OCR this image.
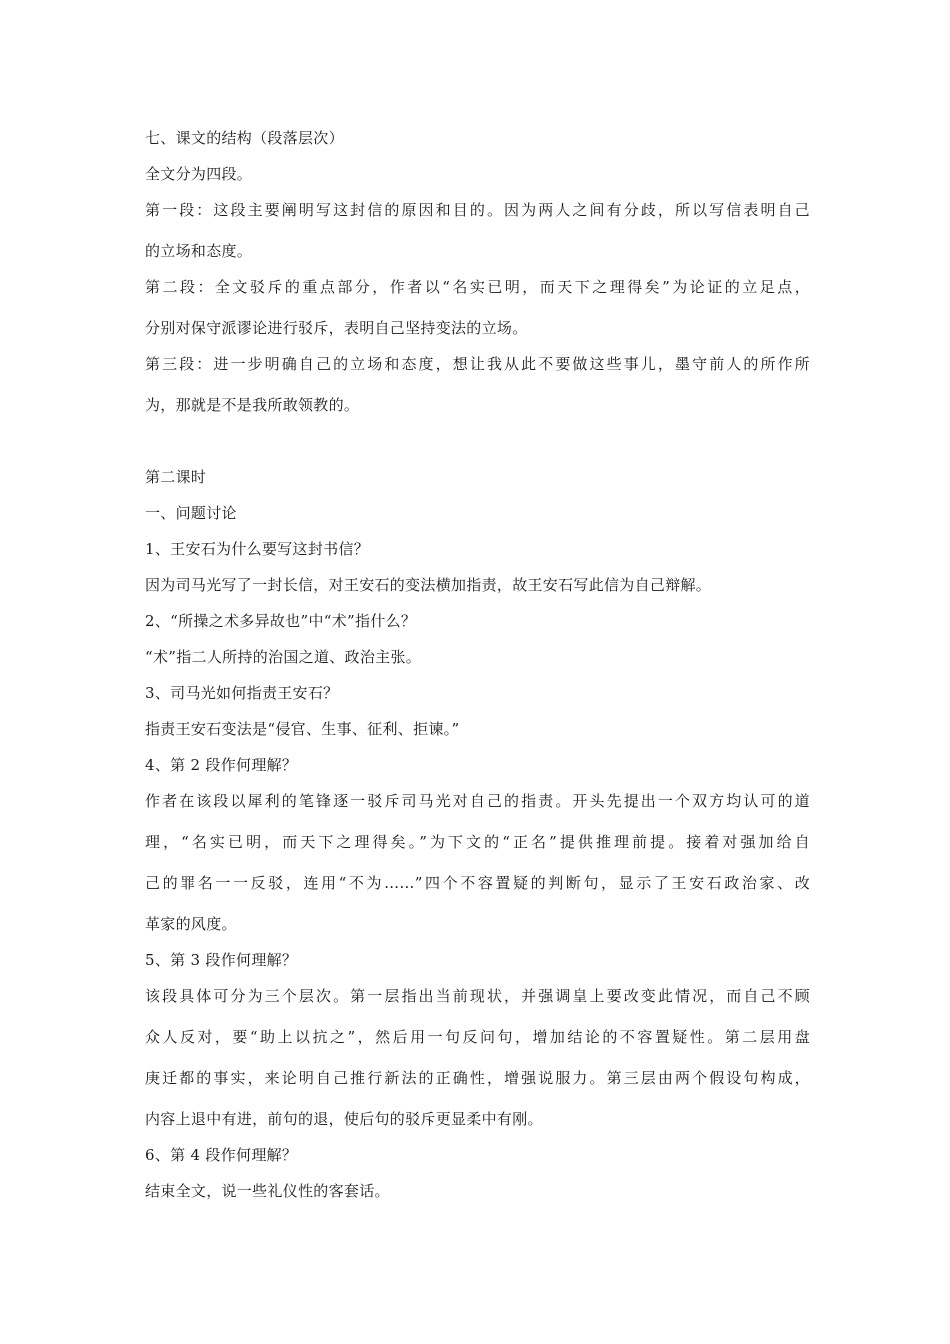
七、课文的结构（段落层次）
全文分为四段。
第一段：这段主要阐明写这封信的原因和目的。因为两人之间有分歧，所以写信表明自己
的立场和态度。
第二段：全文驳斥的重点部分，作者以“名实已明，而天下之理得矣”为论证的立足点，
分别对保守派谬论进行驳斥，表明自己坚持变法的立场。
第三段：进一步明确自己的立场和态度，想让我从此不要做这些事儿，墨守前人的所作所
为，那就是不是我所敢领教的。
第二课时
一、问题讨论
1、王安石为什么要写这封书信？
因为司马光写了一封长信，对王安石的变法横加指责，故王安石写此信为自己辩解。
2、“所操之术多异故也”中“术”指什么？
“术”指二人所持的治国之道、政治主张。
3、司马光如何指责王安石？
指责王安石变法是“侵官、生事、征利、拒谏。”
4、第 2 段作何理解？
作者在该段以犀利的笔锋逐一驳斥司马光对自己的指责。开头先提出一个双方均认可的道
理，“名实已明，而天下之理得矣。”为下文的“正名”提供推理前提。接着对强加给自
己的罪名一一反驳，连用“不为……”四个不容置疑的判断句，显示了王安石政治家、改
革家的风度。
5、第 3 段作何理解？
该段具体可分为三个层次。第一层指出当前现状，并强调皇上要改变此情况，而自己不顾
众人反对，要“助上以抗之”，然后用一句反问句，增加结论的不容置疑性。第二层用盘
庚迁都的事实，来论明自己推行新法的正确性，增强说服力。第三层由两个假设句构成，
内容上退中有进，前句的退，使后句的驳斥更显柔中有刚。
6、第 4 段作何理解？
结束全文，说一些礼仪性的客套话。
